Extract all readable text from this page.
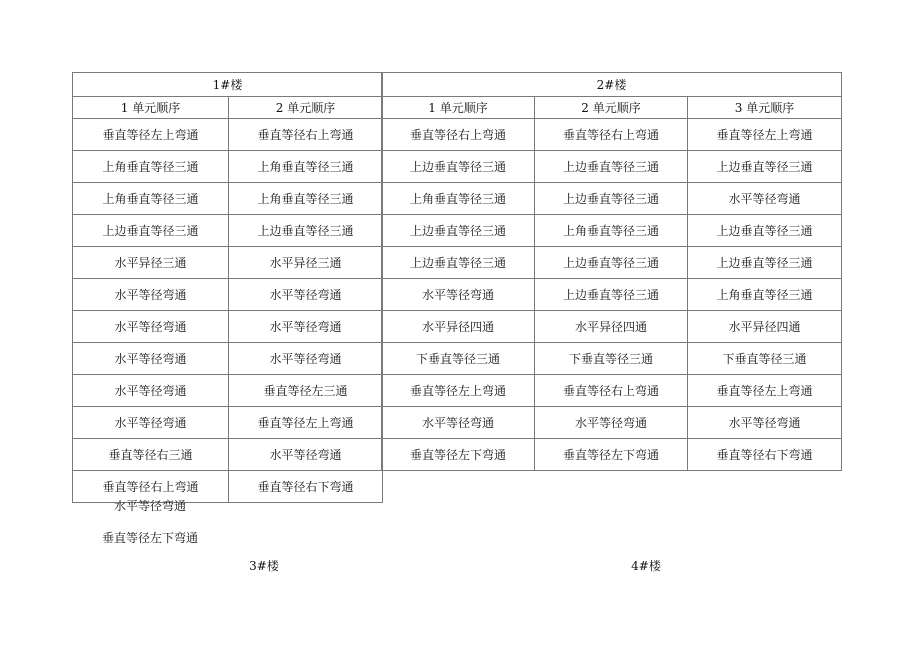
1#楼	
1 单元顺序	2 单元顺序
垂直等径左上弯通	垂直等径右上弯通
上角垂直等径三通	上角垂直等径三通
上角垂直等径三通	上角垂直等径三通
上边垂直等径三通	上边垂直等径三通
水平异径三通	水平异径三通
水平等径弯通	水平等径弯通
水平等径弯通	水平等径弯通
水平等径弯通	水平等径弯通
水平等径弯通	垂直等径左三通
水平等径弯通	垂直等径左上弯通
垂直等径右三通	水平等径弯通
垂直等径右上弯通	垂直等径右下弯通
2#楼		
1 单元顺序	2 单元顺序	3 单元顺序
垂直等径右上弯通	垂直等径右上弯通	垂直等径左上弯通
上边垂直等径三通	上边垂直等径三通	上边垂直等径三通
上角垂直等径三通	上边垂直等径三通	水平等径弯通
上边垂直等径三通	上角垂直等径三通	上边垂直等径三通
上边垂直等径三通	上边垂直等径三通	上边垂直等径三通
水平等径弯通	上边垂直等径三通	上角垂直等径三通
水平异径四通	水平异径四通	水平异径四通
下垂直等径三通	下垂直等径三通	下垂直等径三通
垂直等径左上弯通	垂直等径右上弯通	垂直等径左上弯通
水平等径弯通	水平等径弯通	水平等径弯通
垂直等径左下弯通	垂直等径左下弯通	垂直等径右下弯通
水平等径弯通
垂直等径左下弯通
3#楼	4#楼
